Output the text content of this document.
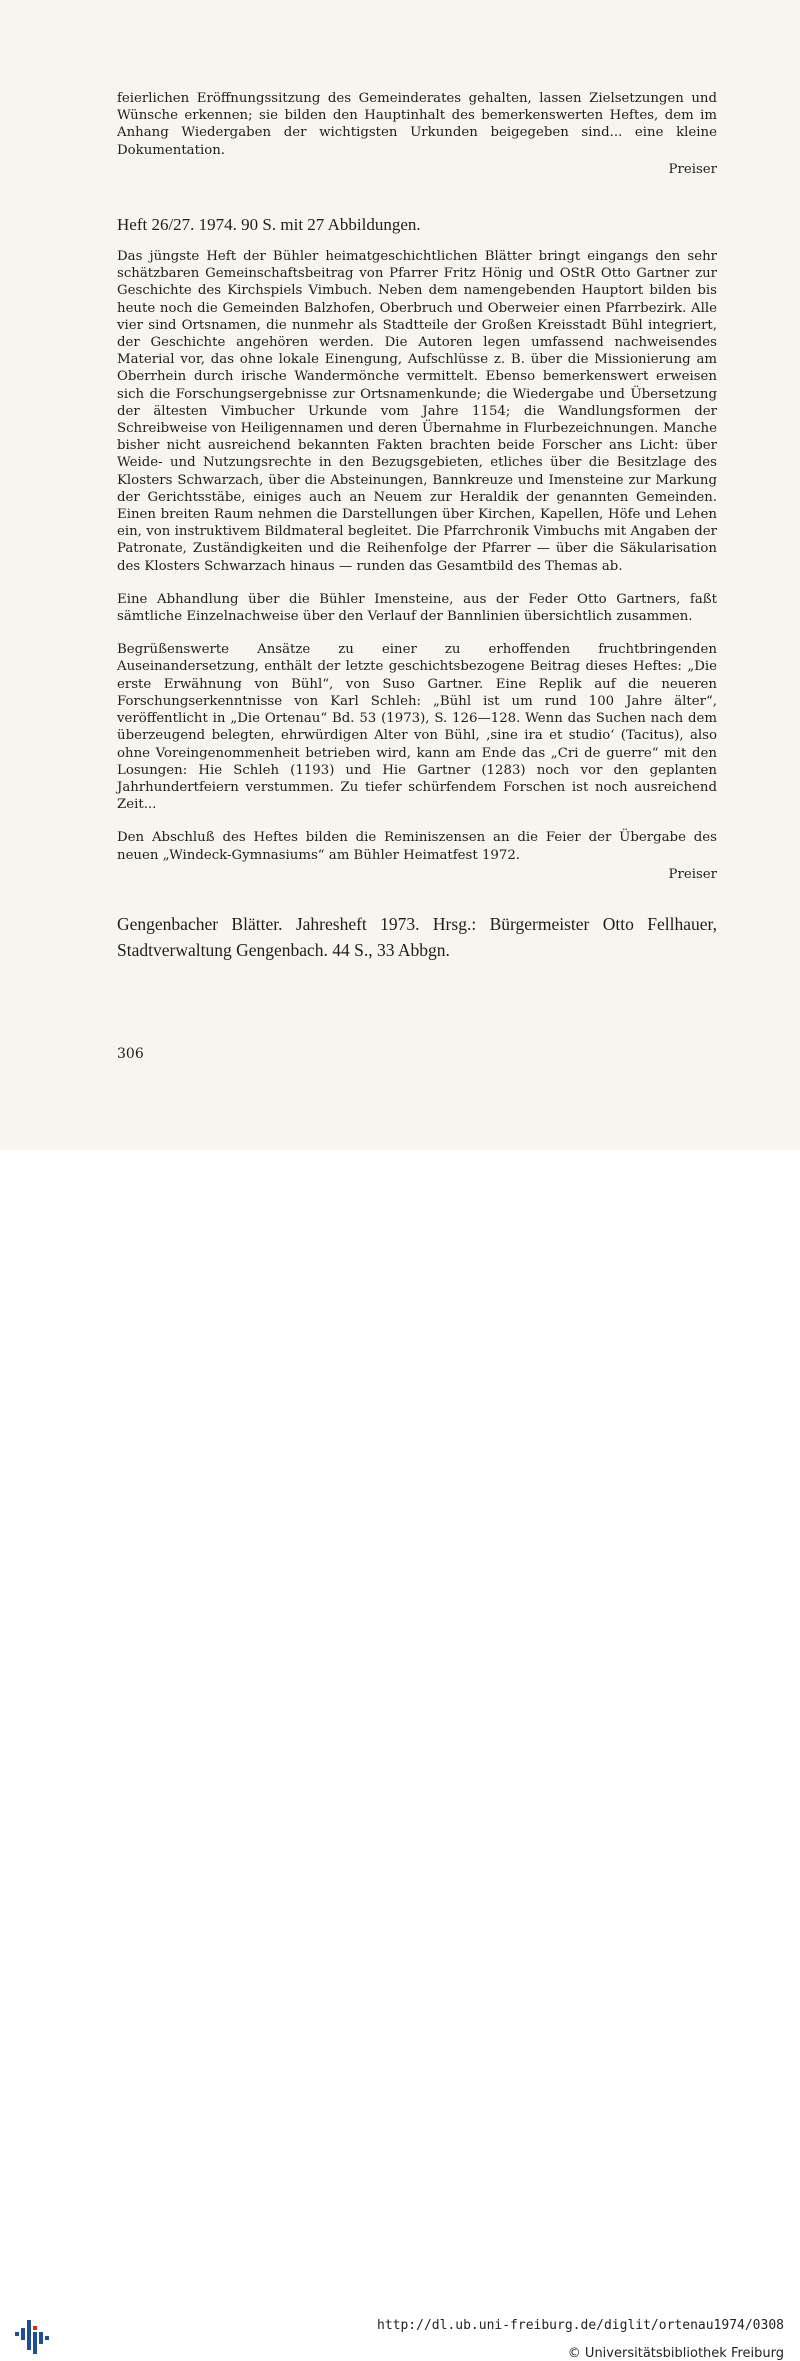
feierlichen Eröffnungssitzung des Gemeinderates gehalten, lassen Zielsetzungen und Wünsche erkennen; sie bilden den Hauptinhalt des bemerkenswerten Heftes, dem im Anhang Wiedergaben der wichtigsten Urkunden beigegeben sind... eine kleine Dokumentation.

Preiser

Heft 26/27. 1974. 90 S. mit 27 Abbildungen.

Das jüngste Heft der Bühler heimatgeschichtlichen Blätter bringt eingangs den sehr schätzbaren Gemeinschaftsbeitrag von Pfarrer Fritz Hönig und OStR Otto Gartner zur Geschichte des Kirchspiels Vimbuch. Neben dem namengebenden Hauptort bilden bis heute noch die Gemeinden Balzhofen, Oberbruch und Oberweier einen Pfarrbezirk. Alle vier sind Ortsnamen, die nunmehr als Stadtteile der Großen Kreisstadt Bühl integriert, der Geschichte angehören werden. Die Autoren legen umfassend nachweisendes Material vor, das ohne lokale Einengung, Aufschlüsse z. B. über die Missionierung am Oberrhein durch irische Wandermönche vermittelt. Ebenso bemerkenswert erweisen sich die Forschungsergebnisse zur Ortsnamenkunde; die Wiedergabe und Übersetzung der ältesten Vimbucher Urkunde vom Jahre 1154; die Wandlungsformen der Schreibweise von Heiligennamen und deren Übernahme in Flurbezeichnungen. Manche bisher nicht ausreichend bekannten Fakten brachten beide Forscher ans Licht: über Weide- und Nutzungsrechte in den Bezugsgebieten, etliches über die Besitzlage des Klosters Schwarzach, über die Absteinungen, Bannkreuze und Imensteine zur Markung der Gerichtsstäbe, einiges auch an Neuem zur Heraldik der genannten Gemeinden. Einen breiten Raum nehmen die Darstellungen über Kirchen, Kapellen, Höfe und Lehen ein, von instruktivem Bildmateral begleitet. Die Pfarrchronik Vimbuchs mit Angaben der Patronate, Zuständigkeiten und die Reihenfolge der Pfarrer — über die Säkularisation des Klosters Schwarzach hinaus — runden das Gesamtbild des Themas ab.

Eine Abhandlung über die Bühler Imensteine, aus der Feder Otto Gartners, faßt sämtliche Einzelnachweise über den Verlauf der Bannlinien übersichtlich zusammen.

Begrüßenswerte Ansätze zu einer zu erhoffenden fruchtbringenden Auseinandersetzung, enthält der letzte geschichtsbezogene Beitrag dieses Heftes: „Die erste Erwähnung von Bühl“, von Suso Gartner. Eine Replik auf die neueren Forschungserkenntnisse von Karl Schleh: „Bühl ist um rund 100 Jahre älter“, veröffentlicht in „Die Ortenau“ Bd. 53 (1973), S. 126—128. Wenn das Suchen nach dem überzeugend belegten, ehrwürdigen Alter von Bühl, ‚sine ira et studio‘ (Tacitus), also ohne Voreingenommenheit betrieben wird, kann am Ende das „Cri de guerre“ mit den Losungen: Hie Schleh (1193) und Hie Gartner (1283) noch vor den geplanten Jahrhundertfeiern verstummen. Zu tiefer schürfendem Forschen ist noch ausreichend Zeit...

Den Abschluß des Heftes bilden die Reminiszensen an die Feier der Übergabe des neuen „Windeck-Gymnasiums“ am Bühler Heimatfest 1972.

Preiser

Gengenbacher Blätter. Jahresheft 1973. Hrsg.: Bürgermeister Otto Fellhauer, Stadtverwaltung Gengenbach. 44 S., 33 Abbgn.

306
http://dl.ub.uni-freiburg.de/diglit/ortenau1974/0308
© Universitätsbibliothek Freiburg
